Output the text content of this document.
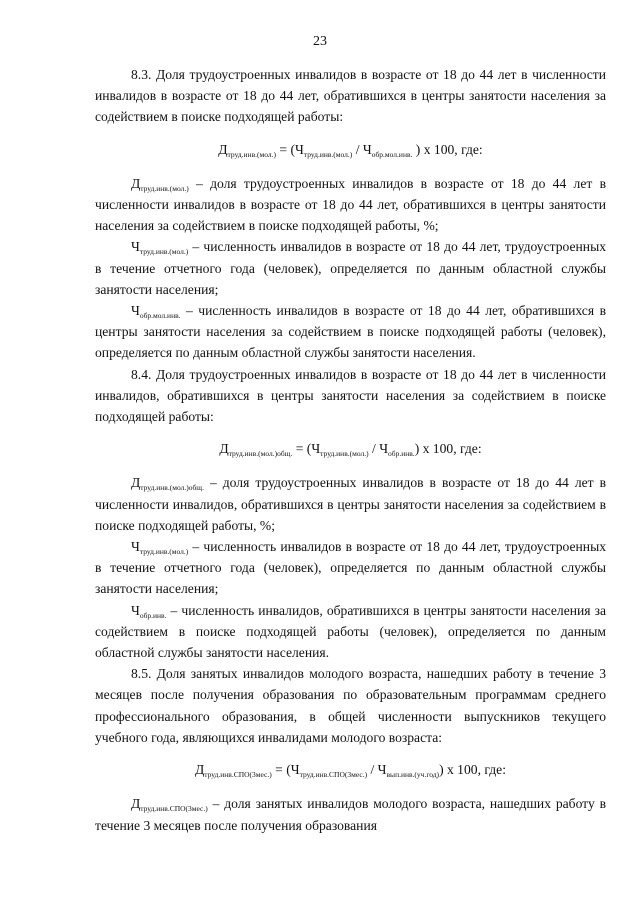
23

8.3. Доля трудоустроенных инвалидов в возрасте от 18 до 44 лет в численности инвалидов в возрасте от 18 до 44 лет, обратившихся в центры занятости населения за содействием в поиске подходящей работы:

$Д_{труд.инв.(мол.)} = (Ч_{труд.инв.(мол.)} / Ч_{обр.мол.инв.}$ ) x 100, где:

$Д_{труд.инв.(мол.)}$ – доля трудоустроенных инвалидов в возрасте от 18 до 44 лет в численности инвалидов в возрасте от 18 до 44 лет, обратившихся в центры занятости населения за содействием в поиске подходящей работы, %;

$Ч_{труд.инв.(мол.)}$ – численность инвалидов в возрасте от 18 до 44 лет, трудоустроенных в течение отчетного года (человек), определяется по данным областной службы занятости населения;

$Ч_{обр.мол.инв.}$ – численность инвалидов в возрасте от 18 до 44 лет, обратившихся в центры занятости населения за содействием в поиске подходящей работы (человек), определяется по данным областной службы занятости населения.

8.4. Доля трудоустроенных инвалидов в возрасте от 18 до 44 лет в численности инвалидов, обратившихся в центры занятости населения за содействием в поиске подходящей работы:

$Д_{труд.инв.(мол.)общ.} = (Ч_{труд.инв.(мол.)} / Ч_{обр.инв.})$ x 100, где:

$Д_{труд.инв.(мол.)общ.}$ – доля трудоустроенных инвалидов в возрасте от 18 до 44 лет в численности инвалидов, обратившихся в центры занятости населения за содействием в поиске подходящей работы, %;

$Ч_{труд.инв.(мол.)}$ – численность инвалидов в возрасте от 18 до 44 лет, трудоустроенных в течение отчетного года (человек), определяется по данным областной службы занятости населения;

$Ч_{обр.инв.}$ – численность инвалидов, обратившихся в центры занятости населения за содействием в поиске подходящей работы (человек), определяется по данным областной службы занятости населения.

8.5. Доля занятых инвалидов молодого возраста, нашедших работу в течение 3 месяцев после получения образования по образовательным программам среднего профессионального образования, в общей численности выпускников текущего учебного года, являющихся инвалидами молодого возраста:

$Д_{труд.инв.СПО(3мес.)} = (Ч_{труд.инв.СПО(3мес.)} / Ч_{вып.инв.(уч.год)})$ x 100, где:

$Д_{труд.инв.СПО(3мес.)}$ – доля занятых инвалидов молодого возраста, нашедших работу в течение 3 месяцев после получения образования
